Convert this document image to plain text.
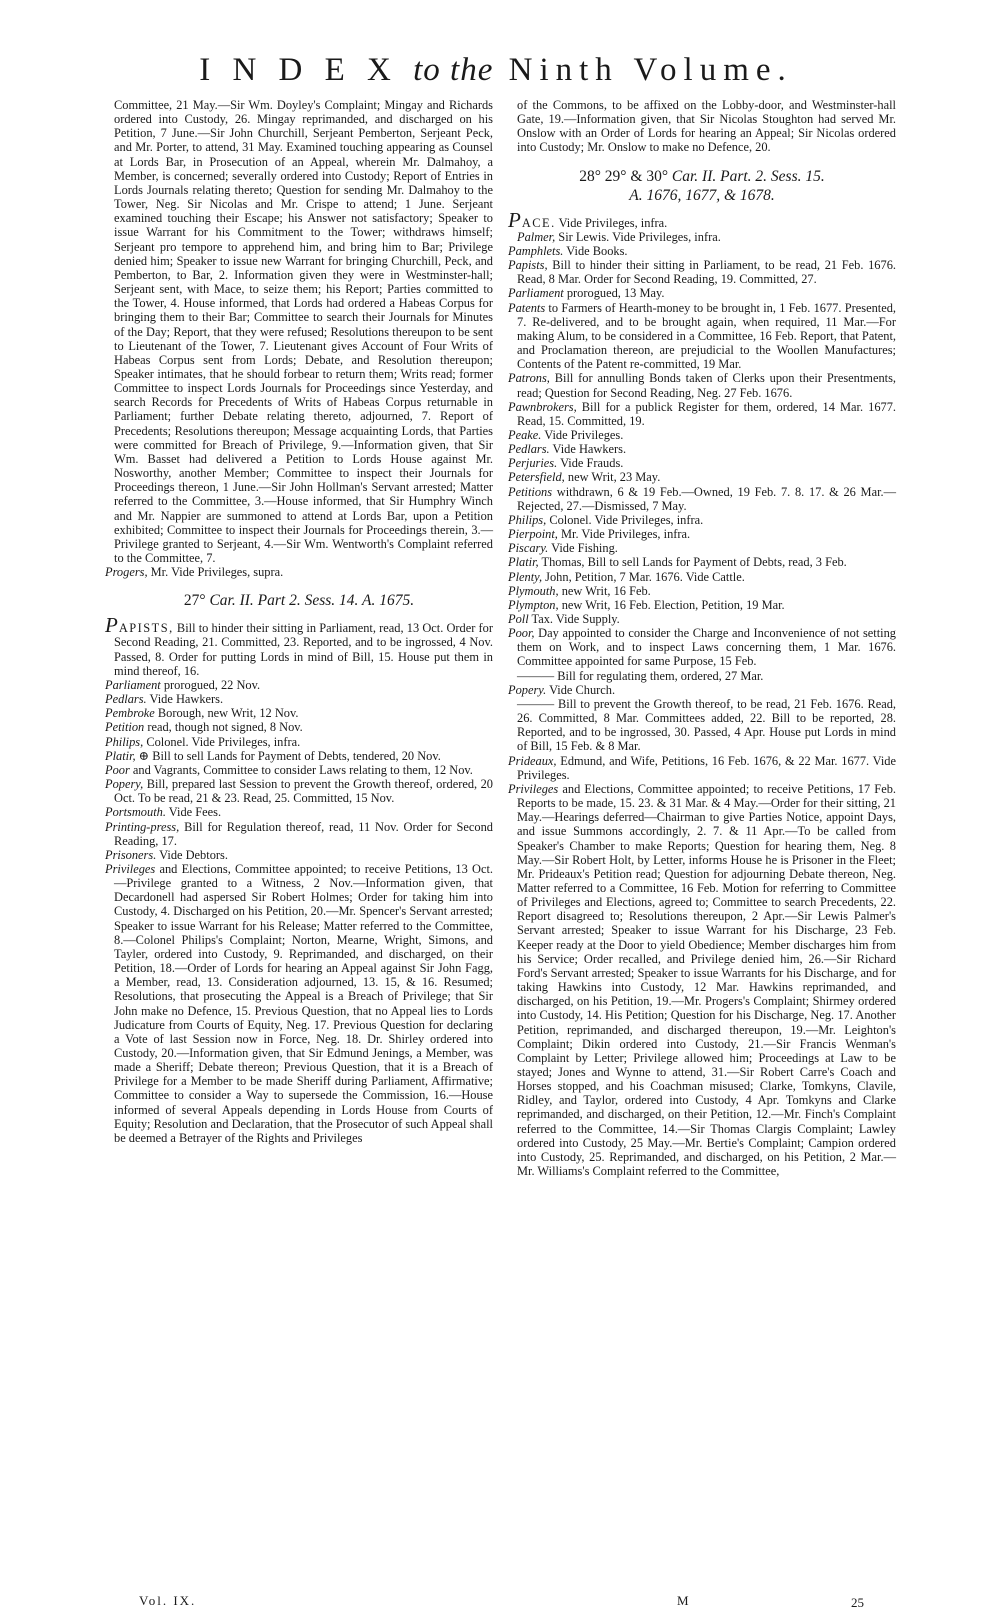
I N D E X to the Ninth Volume.
Committee, 21 May.—Sir Wm. Doyley's Complaint; Mingay and Richards ordered into Custody, 26. Mingay reprimanded, and discharged on his Petition, 7 June.—Sir John Churchill, Serjeant Pemberton, Serjeant Peck, and Mr. Porter, to attend, 31 May. Examined touching appearing as Counsel at Lords Bar, in Prosecution of an Appeal, wherein Mr. Dalmahoy, a Member, is concerned; severally ordered into Custody; Report of Entries in Lords Journals relating thereto; Question for sending Mr. Dalmahoy to the Tower, Neg. Sir Nicolas and Mr. Crispe to attend; 1 June. Serjeant examined touching their Escape; his Answer not satisfactory; Speaker to issue Warrant for his Commitment to the Tower; withdraws himself; Serjeant pro tempore to apprehend him, and bring him to Bar; Privilege denied him; Speaker to issue new Warrant for bringing Churchill, Peck, and Pemberton, to Bar, 2. Information given they were in Westminster-hall; Serjeant sent, with Mace, to seize them; his Report; Parties committed to the Tower, 4. House informed, that Lords had ordered a Habeas Corpus for bringing them to their Bar; Committee to search their Journals for Minutes of the Day; Report, that they were refused; Resolutions thereupon to be sent to Lieutenant of the Tower, 7. Lieutenant gives Account of Four Writs of Habeas Corpus sent from Lords; Debate, and Resolution thereupon; Speaker intimates, that he should forbear to return them; Writs read; former Committee to inspect Lords Journals for Proceedings since Yesterday, and search Records for Precedents of Writs of Habeas Corpus returnable in Parliament; further Debate relating thereto, adjourned, 7. Report of Precedents; Resolutions thereupon; Message acquainting Lords, that Parties were committed for Breach of Privilege, 9.—Information given, that Sir Wm. Basset had delivered a Petition to Lords House against Mr. Nosworthy, another Member; Committee to inspect their Journals for Proceedings thereon, 1 June.—Sir John Hollman's Servant arrested; Matter referred to the Committee, 3.—House informed, that Sir Humphry Winch and Mr. Nappier are summoned to attend at Lords Bar, upon a Petition exhibited; Committee to inspect their Journals for Proceedings therein, 3.—Privilege granted to Serjeant, 4.—Sir Wm. Wentworth's Complaint referred to the Committee, 7.
Progers, Mr. Vide Privileges, supra.
27° Car. II. Part 2. Sess. 14. A. 1675.
PAPISTS, Bill to hinder their sitting in Parliament, read, 13 Oct. Order for Second Reading, 21. Committed, 23. Reported, and to be ingrossed, 4 Nov. Passed, 8. Order for putting Lords in mind of Bill, 15. House put them in mind thereof, 16.
Parliament prorogued, 22 Nov.
Pedlars. Vide Hawkers.
Pembroke Borough, new Writ, 12 Nov.
Petition read, though not signed, 8 Nov.
Philips, Colonel. Vide Privileges, infra.
Platir, ⊕ Bill to sell Lands for Payment of Debts, tendered, 20 Nov.
Poor and Vagrants, Committee to consider Laws relating to them, 12 Nov.
Popery, Bill, prepared last Session to prevent the Growth thereof, ordered, 20 Oct. To be read, 21 & 23. Read, 25. Committed, 15 Nov.
Portsmouth. Vide Fees.
Printing-press, Bill for Regulation thereof, read, 11 Nov. Order for Second Reading, 17.
Prisoners. Vide Debtors.
Privileges and Elections, Committee appointed; to receive Petitions, 13 Oct.—Privilege granted to a Witness, 2 Nov.—Information given, that Decardonell had aspersed Sir Robert Holmes; Order for taking him into Custody, 4. Discharged on his Petition, 20.—Mr. Spencer's Servant arrested; Speaker to issue Warrant for his Release; Matter referred to the Committee, 8.—Colonel Philips's Complaint; Norton, Mearne, Wright, Simons, and Tayler, ordered into Custody, 9. Reprimanded, and discharged, on their Petition, 18.—Order of Lords for hearing an Appeal against Sir John Fagg, a Member, read, 13. Consideration adjourned, 13. 15, & 16. Resumed; Resolutions, that prosecuting the Appeal is a Breach of Privilege; that Sir John make no Defence, 15. Previous Question, that no Appeal lies to Lords Judicature from Courts of Equity, Neg. 17. Previous Question for declaring a Vote of last Session now in Force, Neg. 18. Dr. Shirley ordered into Custody, 20.—Information given, that Sir Edmund Jenings, a Member, was made a Sheriff; Debate thereon; Previous Question, that it is a Breach of Privilege for a Member to be made Sheriff during Parliament, Affirmative; Committee to consider a Way to supersede the Commission, 16.—House informed of several Appeals depending in Lords House from Courts of Equity; Resolution and Declaration, that the Prosecutor of such Appeal shall be deemed a Betrayer of the Rights and Privileges
of the Commons, to be affixed on the Lobby-door, and Westminster-hall Gate, 19.—Information given, that Sir Nicolas Stoughton had served Mr. Onslow with an Order of Lords for hearing an Appeal; Sir Nicolas ordered into Custody; Mr. Onslow to make no Defence, 20.
28° 29° & 30° Car. II. Part. 2. Sess. 15.
A. 1676, 1677, & 1678.
PACE. Vide Privileges, infra.
Palmer, Sir Lewis. Vide Privileges, infra.
Pamphlets. Vide Books.
Papists, Bill to hinder their sitting in Parliament, to be read, 21 Feb. 1676. Read, 8 Mar. Order for Second Reading, 19. Committed, 27.
Parliament prorogued, 13 May.
Patents to Farmers of Hearth-money to be brought in, 1 Feb. 1677. Presented, 7. Re-delivered, and to be brought again, when required, 11 Mar.—For making Alum, to be considered in a Committee, 16 Feb. Report, that Patent, and Proclamation thereon, are prejudicial to the Woollen Manufactures; Contents of the Patent re-committed, 19 Mar.
Patrons, Bill for annulling Bonds taken of Clerks upon their Presentments, read; Question for Second Reading, Neg. 27 Feb. 1676.
Pawnbrokers, Bill for a publick Register for them, ordered, 14 Mar. 1677. Read, 15. Committed, 19.
Peake. Vide Privileges.
Pedlars. Vide Hawkers.
Perjuries. Vide Frauds.
Petersfield, new Writ, 23 May.
Petitions withdrawn, 6 & 19 Feb.—Owned, 19 Feb. 7. 8. 17. & 26 Mar.—Rejected, 27.—Dismissed, 7 May.
Philips, Colonel. Vide Privileges, infra.
Pierpoint, Mr. Vide Privileges, infra.
Piscary. Vide Fishing.
Platir, Thomas, Bill to sell Lands for Payment of Debts, read, 3 Feb.
Plenty, John, Petition, 7 Mar. 1676. Vide Cattle.
Plymouth, new Writ, 16 Feb.
Plympton, new Writ, 16 Feb. Election, Petition, 19 Mar.
Poll Tax. Vide Supply.
Poor, Day appointed to consider the Charge and Inconvenience of not setting them on Work, and to inspect Laws concerning them, 1 Mar. 1676. Committee appointed for same Purpose, 15 Feb.
——— Bill for regulating them, ordered, 27 Mar.
Popery. Vide Church.
——— Bill to prevent the Growth thereof, to be read, 21 Feb. 1676. Read, 26. Committed, 8 Mar. Committees added, 22. Bill to be reported, 28. Reported, and to be ingrossed, 30. Passed, 4 Apr. House put Lords in mind of Bill, 15 Feb. & 8 Mar.
Prideaux, Edmund, and Wife, Petitions, 16 Feb. 1676, & 22 Mar. 1677. Vide Privileges.
Privileges and Elections, Committee appointed; to receive Petitions, 17 Feb. Reports to be made, 15. 23. & 31 Mar. & 4 May.—Order for their sitting, 21 May.—Hearings deferred—Chairman to give Parties Notice, appoint Days, and issue Summons accordingly, 2. 7. & 11 Apr.—To be called from Speaker's Chamber to make Reports; Question for hearing them, Neg. 8 May.—Sir Robert Holt, by Letter, informs House he is Prisoner in the Fleet; Mr. Prideaux's Petition read; Question for adjourning Debate thereon, Neg. Matter referred to a Committee, 16 Feb. Motion for referring to Committee of Privileges and Elections, agreed to; Committee to search Precedents, 22. Report disagreed to; Resolutions thereupon, 2 Apr.—Sir Lewis Palmer's Servant arrested; Speaker to issue Warrant for his Discharge, 23 Feb. Keeper ready at the Door to yield Obedience; Member discharges him from his Service; Order recalled, and Privilege denied him, 26.—Sir Richard Ford's Servant arrested; Speaker to issue Warrants for his Discharge, and for taking Hawkins into Custody, 12 Mar. Hawkins reprimanded, and discharged, on his Petition, 19.—Mr. Progers's Complaint; Shirmey ordered into Custody, 14. His Petition; Question for his Discharge, Neg. 17. Another Petition, reprimanded, and discharged thereupon, 19.—Mr. Leighton's Complaint; Dikin ordered into Custody, 21.—Sir Francis Wenman's Complaint by Letter; Privilege allowed him; Proceedings at Law to be stayed; Jones and Wynne to attend, 31.—Sir Robert Carre's Coach and Horses stopped, and his Coachman misused; Clarke, Tomkyns, Clavile, Ridley, and Taylor, ordered into Custody, 4 Apr. Tomkyns and Clarke reprimanded, and discharged, on their Petition, 12.—Mr. Finch's Complaint referred to the Committee, 14.—Sir Thomas Clargis Complaint; Lawley ordered into Custody, 25 May.—Mr. Bertie's Complaint; Campion ordered into Custody, 25. Reprimanded, and discharged, on his Petition, 2 Mar.—Mr. Williams's Complaint referred to the Committee,
Vol. IX.	M	25
